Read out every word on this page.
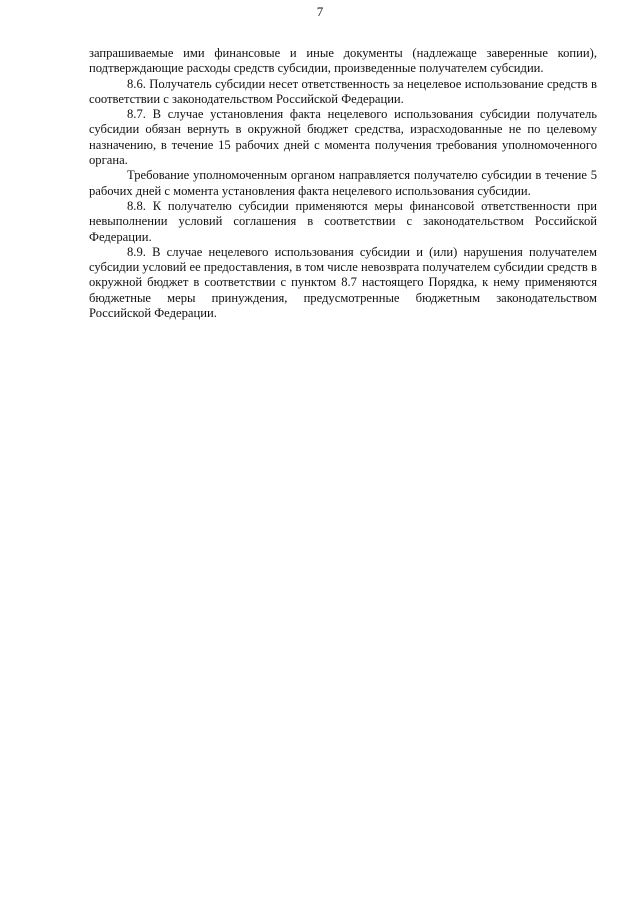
7

запрашиваемые ими финансовые и иные документы (надлежаще заверенные копии), подтверждающие расходы средств субсидии, произведенные получателем субсидии.

8.6. Получатель субсидии несет ответственность за нецелевое использование средств в соответствии с законодательством Российской Федерации.

8.7. В случае установления факта нецелевого использования субсидии получатель субсидии обязан вернуть в окружной бюджет средства, израсходованные не по целевому назначению, в течение 15 рабочих дней с момента получения требования уполномоченного органа.

Требование уполномоченным органом направляется получателю субсидии в течение 5 рабочих дней с момента установления факта нецелевого использования субсидии.

8.8. К получателю субсидии применяются меры финансовой ответственности при невыполнении условий соглашения в соответствии с законодательством Российской Федерации.

8.9. В случае нецелевого использования субсидии и (или) нарушения получателем субсидии условий ее предоставления, в том числе невозврата получателем субсидии средств в окружной бюджет в соответствии с пунктом 8.7 настоящего Порядка, к нему применяются бюджетные меры принуждения, предусмотренные бюджетным законодательством Российской Федерации.
